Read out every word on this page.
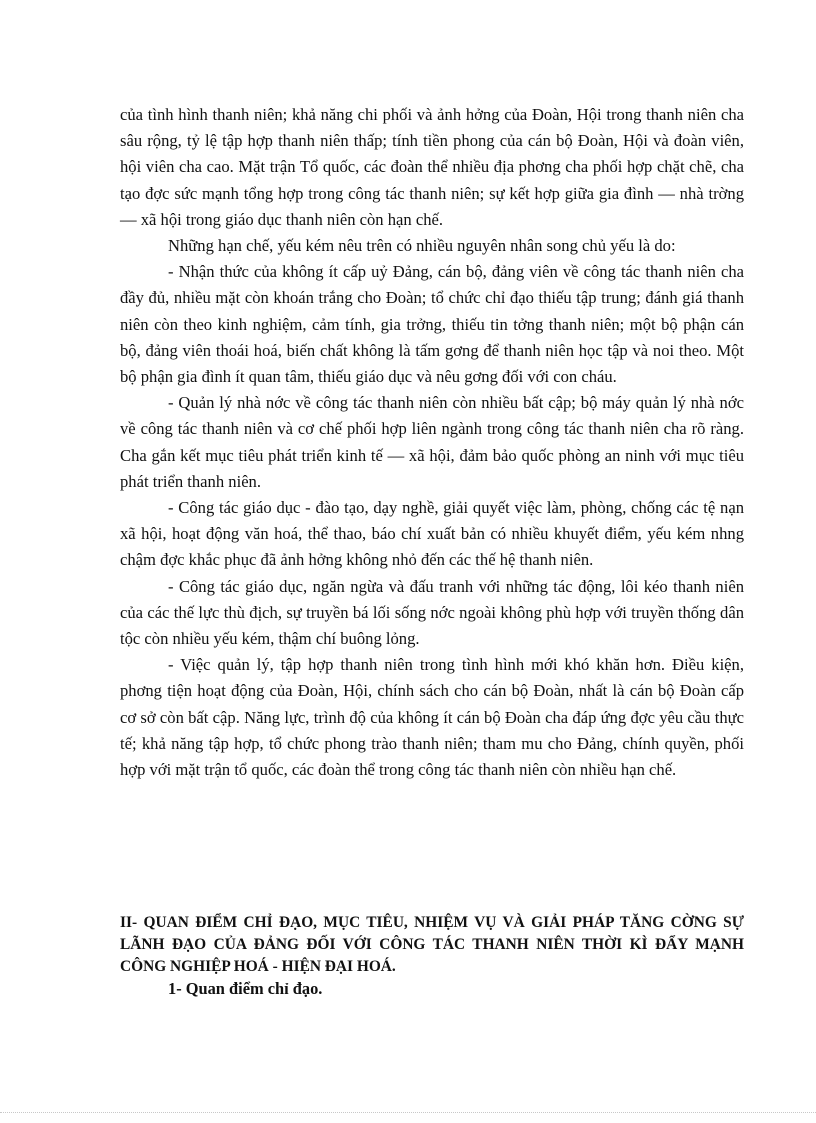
của tình hình thanh niên; khả năng chi phối và ảnh hởng của Đoàn, Hội trong thanh niên cha sâu rộng, tỷ lệ tập hợp thanh niên thấp; tính tiền phong của cán bộ Đoàn, Hội và đoàn viên, hội viên cha cao. Mặt trận Tổ quốc, các đoàn thể nhiều địa phơng cha phối hợp chặt chẽ, cha tạo đợc sức mạnh tổng hợp trong công tác thanh niên; sự kết hợp giữa gia đình — nhà trờng — xã hội trong giáo dục thanh niên còn hạn chế.

Những hạn chế, yếu kém nêu trên có nhiều nguyên nhân song chủ yếu là do:

- Nhận thức của không ít cấp uỷ Đảng, cán bộ, đảng viên về công tác thanh niên cha đầy đủ, nhiều mặt còn khoán trắng cho Đoàn; tổ chức chỉ đạo thiếu tập trung; đánh giá thanh niên còn theo kinh nghiệm, cảm tính, gia trởng, thiếu tin tởng thanh niên; một bộ phận cán bộ, đảng viên thoái hoá, biến chất không là tấm gơng để thanh niên học tập và noi theo. Một bộ phận gia đình ít quan tâm, thiếu giáo dục và nêu gơng đối với con cháu.

- Quản lý nhà nớc về công tác thanh niên còn nhiều bất cập; bộ máy quản lý nhà nớc về công tác thanh niên và cơ chế phối hợp liên ngành trong công tác thanh niên cha rõ ràng. Cha gắn kết mục tiêu phát triển kinh tế — xã hội, đảm bảo quốc phòng an ninh với mục tiêu phát triển thanh niên.

- Công tác giáo dục - đào tạo, dạy nghề, giải quyết việc làm, phòng, chống các tệ nạn xã hội, hoạt động văn hoá, thể thao, báo chí xuất bản có nhiều khuyết điểm, yếu kém nhng chậm đợc khắc phục đã ảnh hởng không nhỏ đến các thế hệ thanh niên.

- Công tác giáo dục, ngăn ngừa và đấu tranh với những tác động, lôi kéo thanh niên của các thế lực thù địch, sự truyền bá lối sống nớc ngoài không phù hợp với truyền thống dân tộc còn nhiều yếu kém, thậm chí buông lỏng.

- Việc quản lý, tập hợp thanh niên trong tình hình mới khó khăn hơn. Điều kiện, phơng tiện hoạt động của Đoàn, Hội, chính sách cho cán bộ Đoàn, nhất là cán bộ Đoàn cấp cơ sở còn bất cập. Năng lực, trình độ của không ít cán bộ Đoàn cha đáp ứng đợc yêu cầu thực tế; khả năng tập hợp, tổ chức phong trào thanh niên; tham mu cho Đảng, chính quyền, phối hợp với mặt trận tổ quốc, các đoàn thể trong công tác thanh niên còn nhiều hạn chế.

II- QUAN ĐIỂM CHỈ ĐẠO, MỤC TIÊU, NHIỆM VỤ VÀ GIẢI PHÁP TĂNG CỜNG SỰ LÃNH ĐẠO CỦA ĐẢNG ĐỐI VỚI CÔNG TÁC THANH NIÊN THỜI KÌ ĐẨY MẠNH CÔNG NGHIỆP HOÁ - HIỆN ĐẠI HOÁ.
1- Quan điểm chỉ đạo.
